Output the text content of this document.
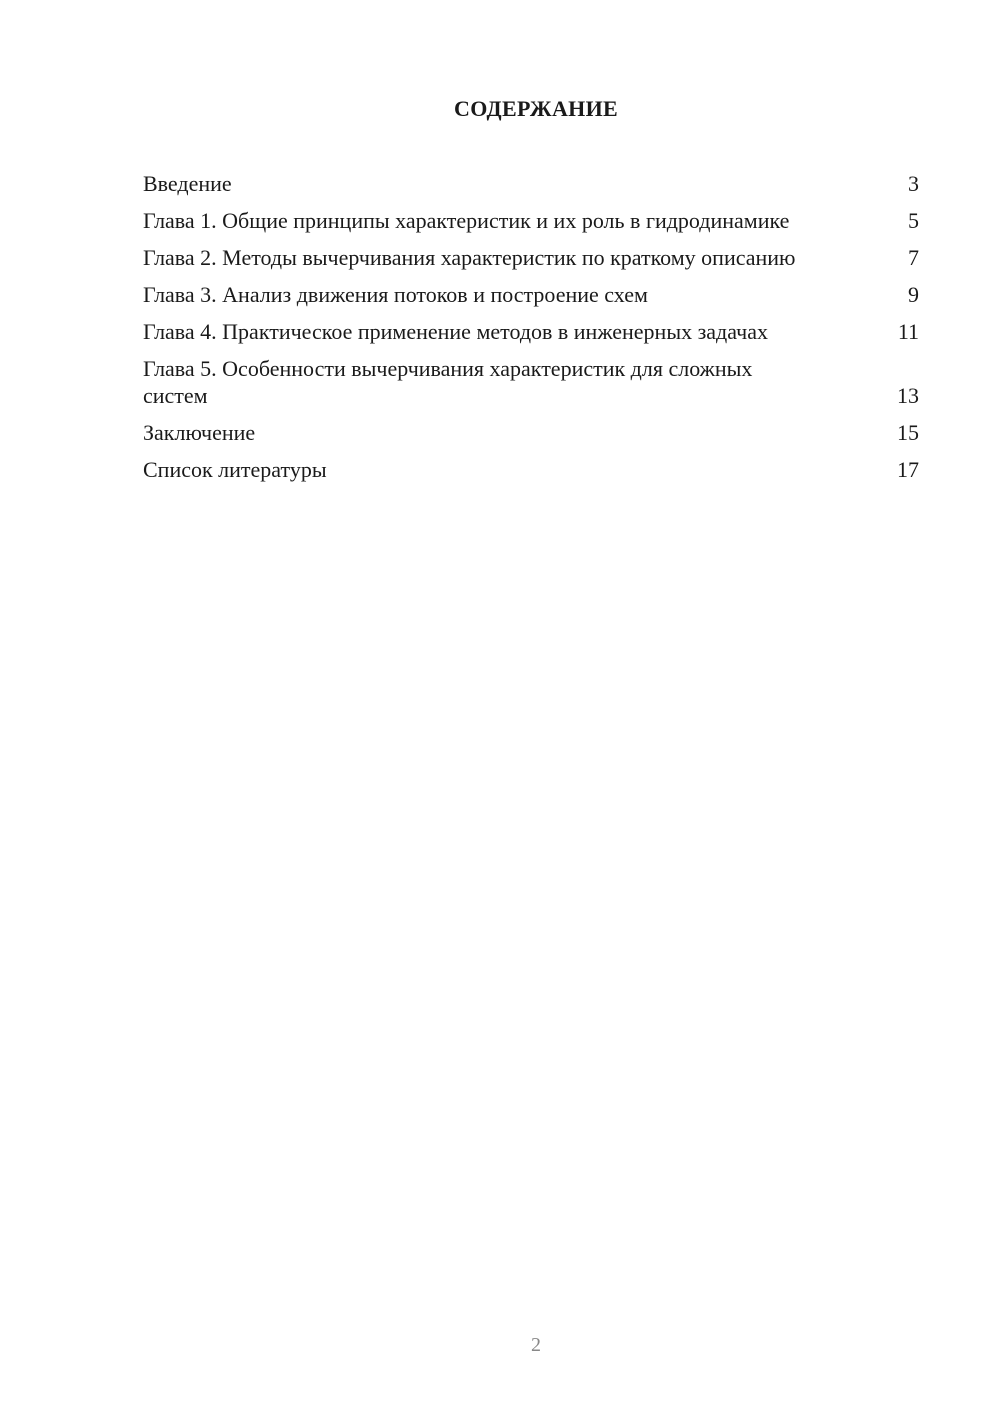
СОДЕРЖАНИЕ
Введение	3
Глава 1. Общие принципы характеристик и их роль в гидродинамике	5
Глава 2. Методы вычерчивания характеристик по краткому описанию	7
Глава 3. Анализ движения потоков и построение схем	9
Глава 4. Практическое применение методов в инженерных задачах	11
Глава 5. Особенности вычерчивания характеристик для сложных систем	13
Заключение	15
Список литературы	17
2
